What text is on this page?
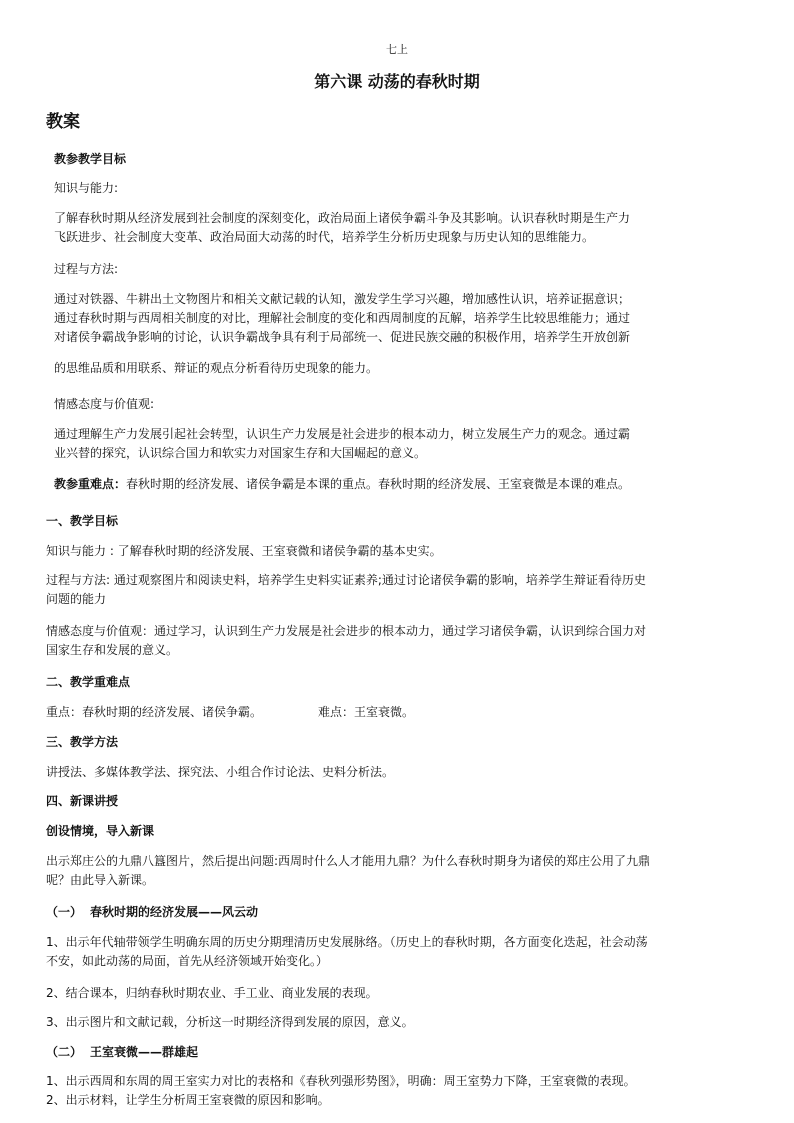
七上
第六课 动荡的春秋时期
教案
教参教学目标
知识与能力:
了解春秋时期从经济发展到社会制度的深刻变化，政治局面上诸侯争霸斗争及其影响。认识春秋时期是生产力
飞跃进步、社会制度大变革、政治局面大动荡的时代，培养学生分析历史现象与历史认知的思维能力。
过程与方法:
通过对铁器、牛耕出土文物图片和相关文献记载的认知，激发学生学习兴趣，增加感性认识，培养证据意识；
通过春秋时期与西周相关制度的对比，理解社会制度的变化和西周制度的瓦解，培养学生比较思维能力；通过
对诸侯争霸战争影响的讨论，认识争霸战争具有利于局部统一、促进民族交融的积极作用，培养学生开放创新
的思维品质和用联系、辩证的观点分析看待历史现象的能力。
情感态度与价值观:
通过理解生产力发展引起社会转型，认识生产力发展是社会进步的根本动力，树立发展生产力的观念。通过霸
业兴替的探究，认识综合国力和软实力对国家生存和大国崛起的意义。
教参重难点：春秋时期的经济发展、诸侯争霸是本课的重点。春秋时期的经济发展、王室衰微是本课的难点。
一、教学目标
知识与能力 : 了解春秋时期的经济发展、王室衰微和诸侯争霸的基本史实。
过程与方法: 通过观察图片和阅读史料，培养学生史料实证素养;通过讨论诸侯争霸的影响，培养学生辩证看待历史
问题的能力
情感态度与价值观：通过学习，认识到生产力发展是社会进步的根本动力，通过学习诸侯争霸，认识到综合国力对
国家生存和发展的意义。
二、教学重难点
重点：春秋时期的经济发展、诸侯争霸。	难点：王室衰微。
三、教学方法
讲授法、多媒体教学法、探究法、小组合作讨论法、史料分析法。
四、新课讲授
创设情境，导入新课
出示郑庄公的九鼎八簋图片，然后提出问题:西周时什么人才能用九鼎？为什么春秋时期身为诸侯的郑庄公用了九鼎
呢？由此导入新课。
（一） 春秋时期的经济发展——风云动
1、出示年代轴带领学生明确东周的历史分期理清历史发展脉络。（历史上的春秋时期，各方面变化迭起，社会动荡
不安，如此动荡的局面，首先从经济领域开始变化。）
2、结合课本，归纳春秋时期农业、手工业、商业发展的表现。
3、出示图片和文献记载，分析这一时期经济得到发展的原因，意义。
（二） 王室衰微——群雄起
1、出示西周和东周的周王室实力对比的表格和《春秋列强形势图》，明确：周王室势力下降，王室衰微的表现。
2、出示材料，让学生分析周王室衰微的原因和影响。
